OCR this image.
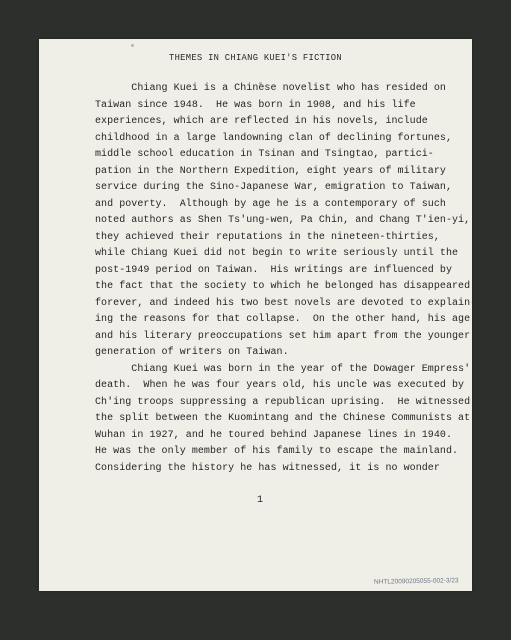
THEMES IN CHIANG KUEI'S FICTION
Chiang Kuei is a Chinese novelist who has resided on
Taiwan since 1948.  He was born in 1908, and his life
experiences, which are reflected in his novels, include
childhood in a large landowning clan of declining fortunes,
middle school education in Tsinan and Tsingtao, partici-
pation in the Northern Expedition, eight years of military
service during the Sino-Japanese War, emigration to Taiwan,
and poverty.  Although by age he is a contemporary of such
noted authors as Shen Ts'ung-wen, Pa Chin, and Chang T'ien-yi,
they achieved their reputations in the nineteen-thirties,
while Chiang Kuei did not begin to write seriously until the
post-1949 period on Taiwan.  His writings are influenced by
the fact that the society to which he belonged has disappeared
forever, and indeed his two best novels are devoted to explain-
ing the reasons for that collapse.  On the other hand, his age
and his literary preoccupations set him apart from the younger
generation of writers on Taiwan.
Chiang Kuei was born in the year of the Dowager Empress'
death.  When he was four years old, his uncle was executed by
Ch'ing troops suppressing a republican uprising.  He witnessed
the split between the Kuomintang and the Chinese Communists at
Wuhan in 1927, and he toured behind Japanese lines in 1940.
He was the only member of his family to escape the mainland.
Considering the history he has witnessed, it is no wonder
1
NHTL20090205055-002-3/23
